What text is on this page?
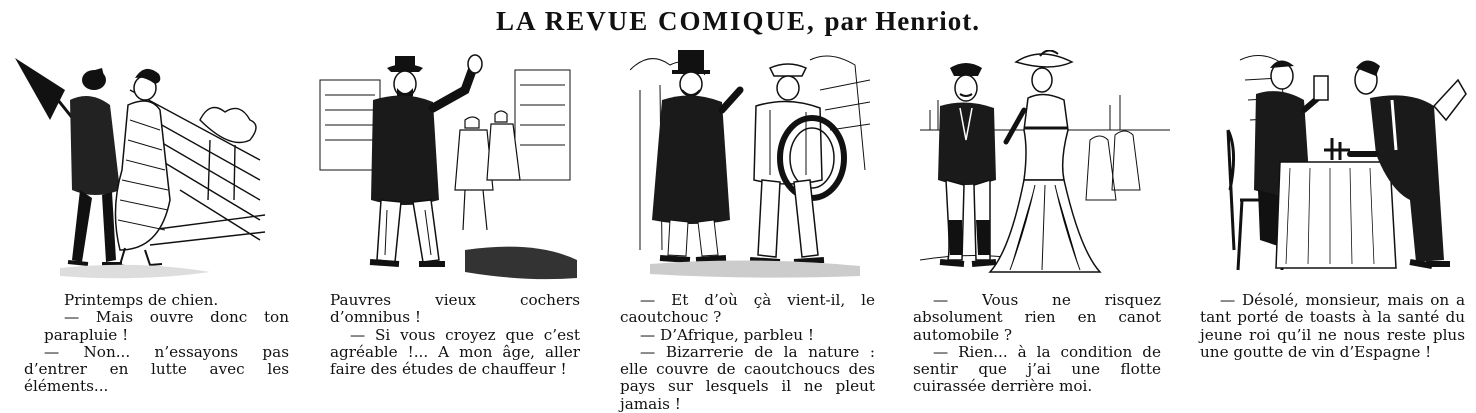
LA REVUE COMIQUE, par Henriot.
Printemps de chien.
— Mais ouvre donc ton parapluie !
— Non... n’essayons pas d’entrer en lutte avec les éléments...
Pauvres vieux cochers d’omnibus !
— Si vous croyez que c’est agréable !... A mon âge, aller faire des études de chauffeur !
— Et d’où çà vient-il, le caoutchouc ?
— D’Afrique, parbleu !
— Bizarrerie de la nature : elle couvre de caoutchoucs des pays sur lesquels il ne pleut jamais !
— Vous ne risquez absolument rien en canot automobile ?
— Rien... à la condition de sentir que j’ai une flotte cuirassée derrière moi.
— Désolé, monsieur, mais on a tant porté de toasts à la santé du jeune roi qu’il ne nous reste plus une goutte de vin d’Espagne !
